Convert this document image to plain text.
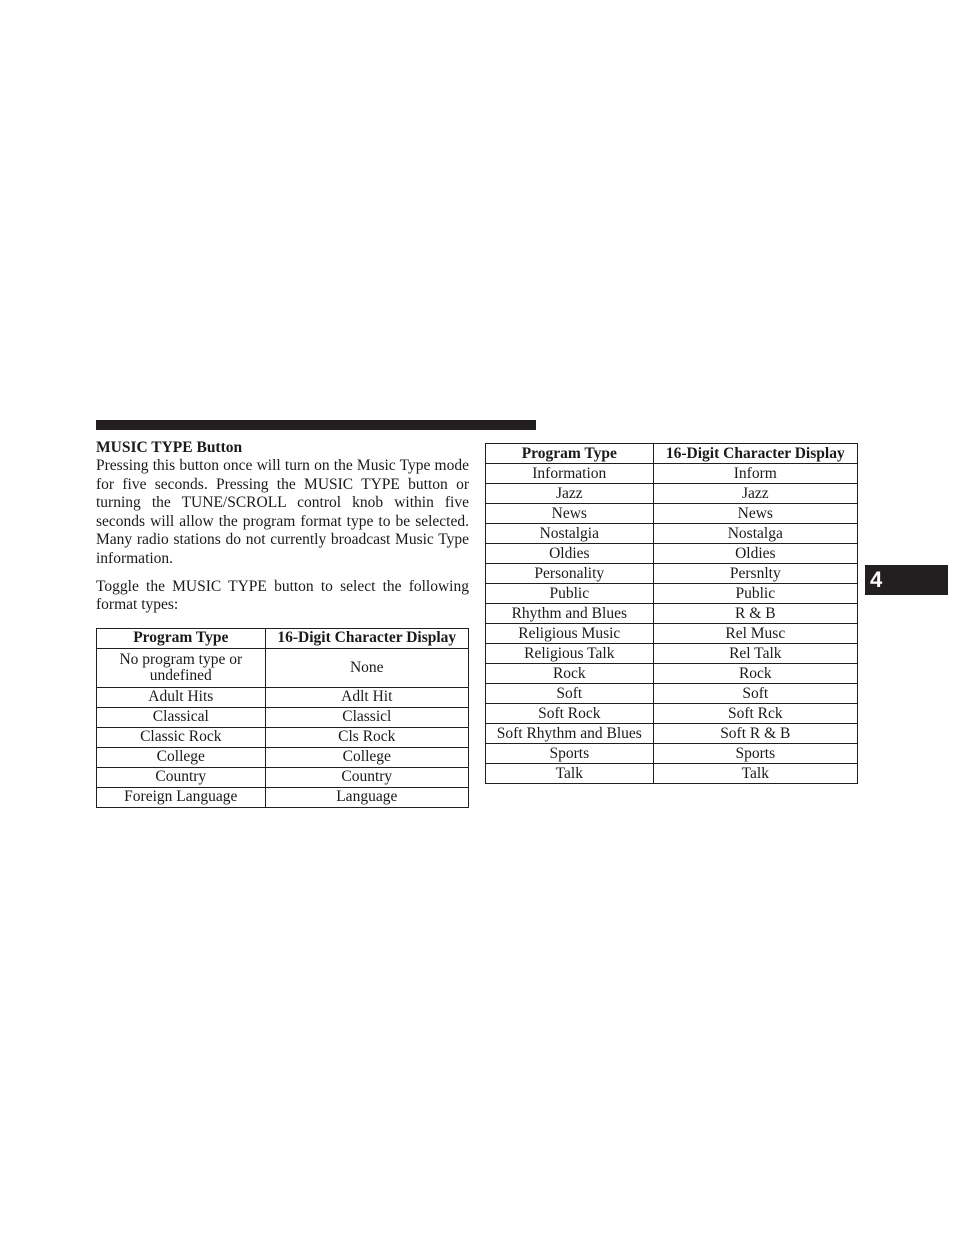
4

MUSIC TYPE Button

Pressing this button once will turn on the Music Type mode for five seconds. Pressing the MUSIC TYPE button or turning the TUNE/SCROLL control knob within five seconds will allow the program format type to be selected. Many radio stations do not currently broadcast Music Type information.

Toggle the MUSIC TYPE button to select the following format types:

Program Type	16-Digit Character Display
No program type or undefined	None
Adult Hits	Adlt Hit
Classical	Classicl
Classic Rock	Cls Rock
College	College
Country	Country
Foreign Language	Language
Program Type	16-Digit Character Display
Information	Inform
Jazz	Jazz
News	News
Nostalgia	Nostalga
Oldies	Oldies
Personality	Persnlty
Public	Public
Rhythm and Blues	R & B
Religious Music	Rel Musc
Religious Talk	Rel Talk
Rock	Rock
Soft	Soft
Soft Rock	Soft Rck
Soft Rhythm and Blues	Soft R & B
Sports	Sports
Talk	Talk
